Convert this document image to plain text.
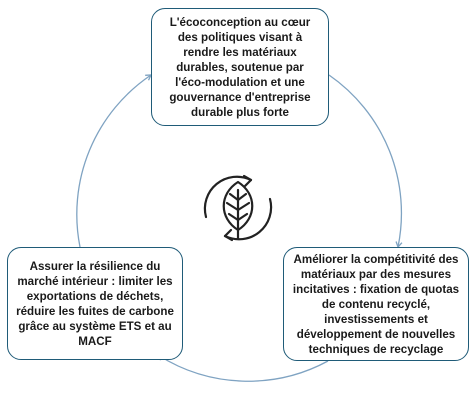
L'écoconception au cœur des politiques visant à rendre les matériaux durables, soutenue par l'éco-modulation et une gouvernance d'entreprise durable plus forte
Améliorer la compétitivité des matériaux par des mesures incitatives : fixation de quotas de contenu recyclé, investissements et développement de nouvelles techniques de recyclage
Assurer la résilience du marché intérieur : limiter les exportations de déchets, réduire les fuites de carbone grâce au système ETS et au MACF
